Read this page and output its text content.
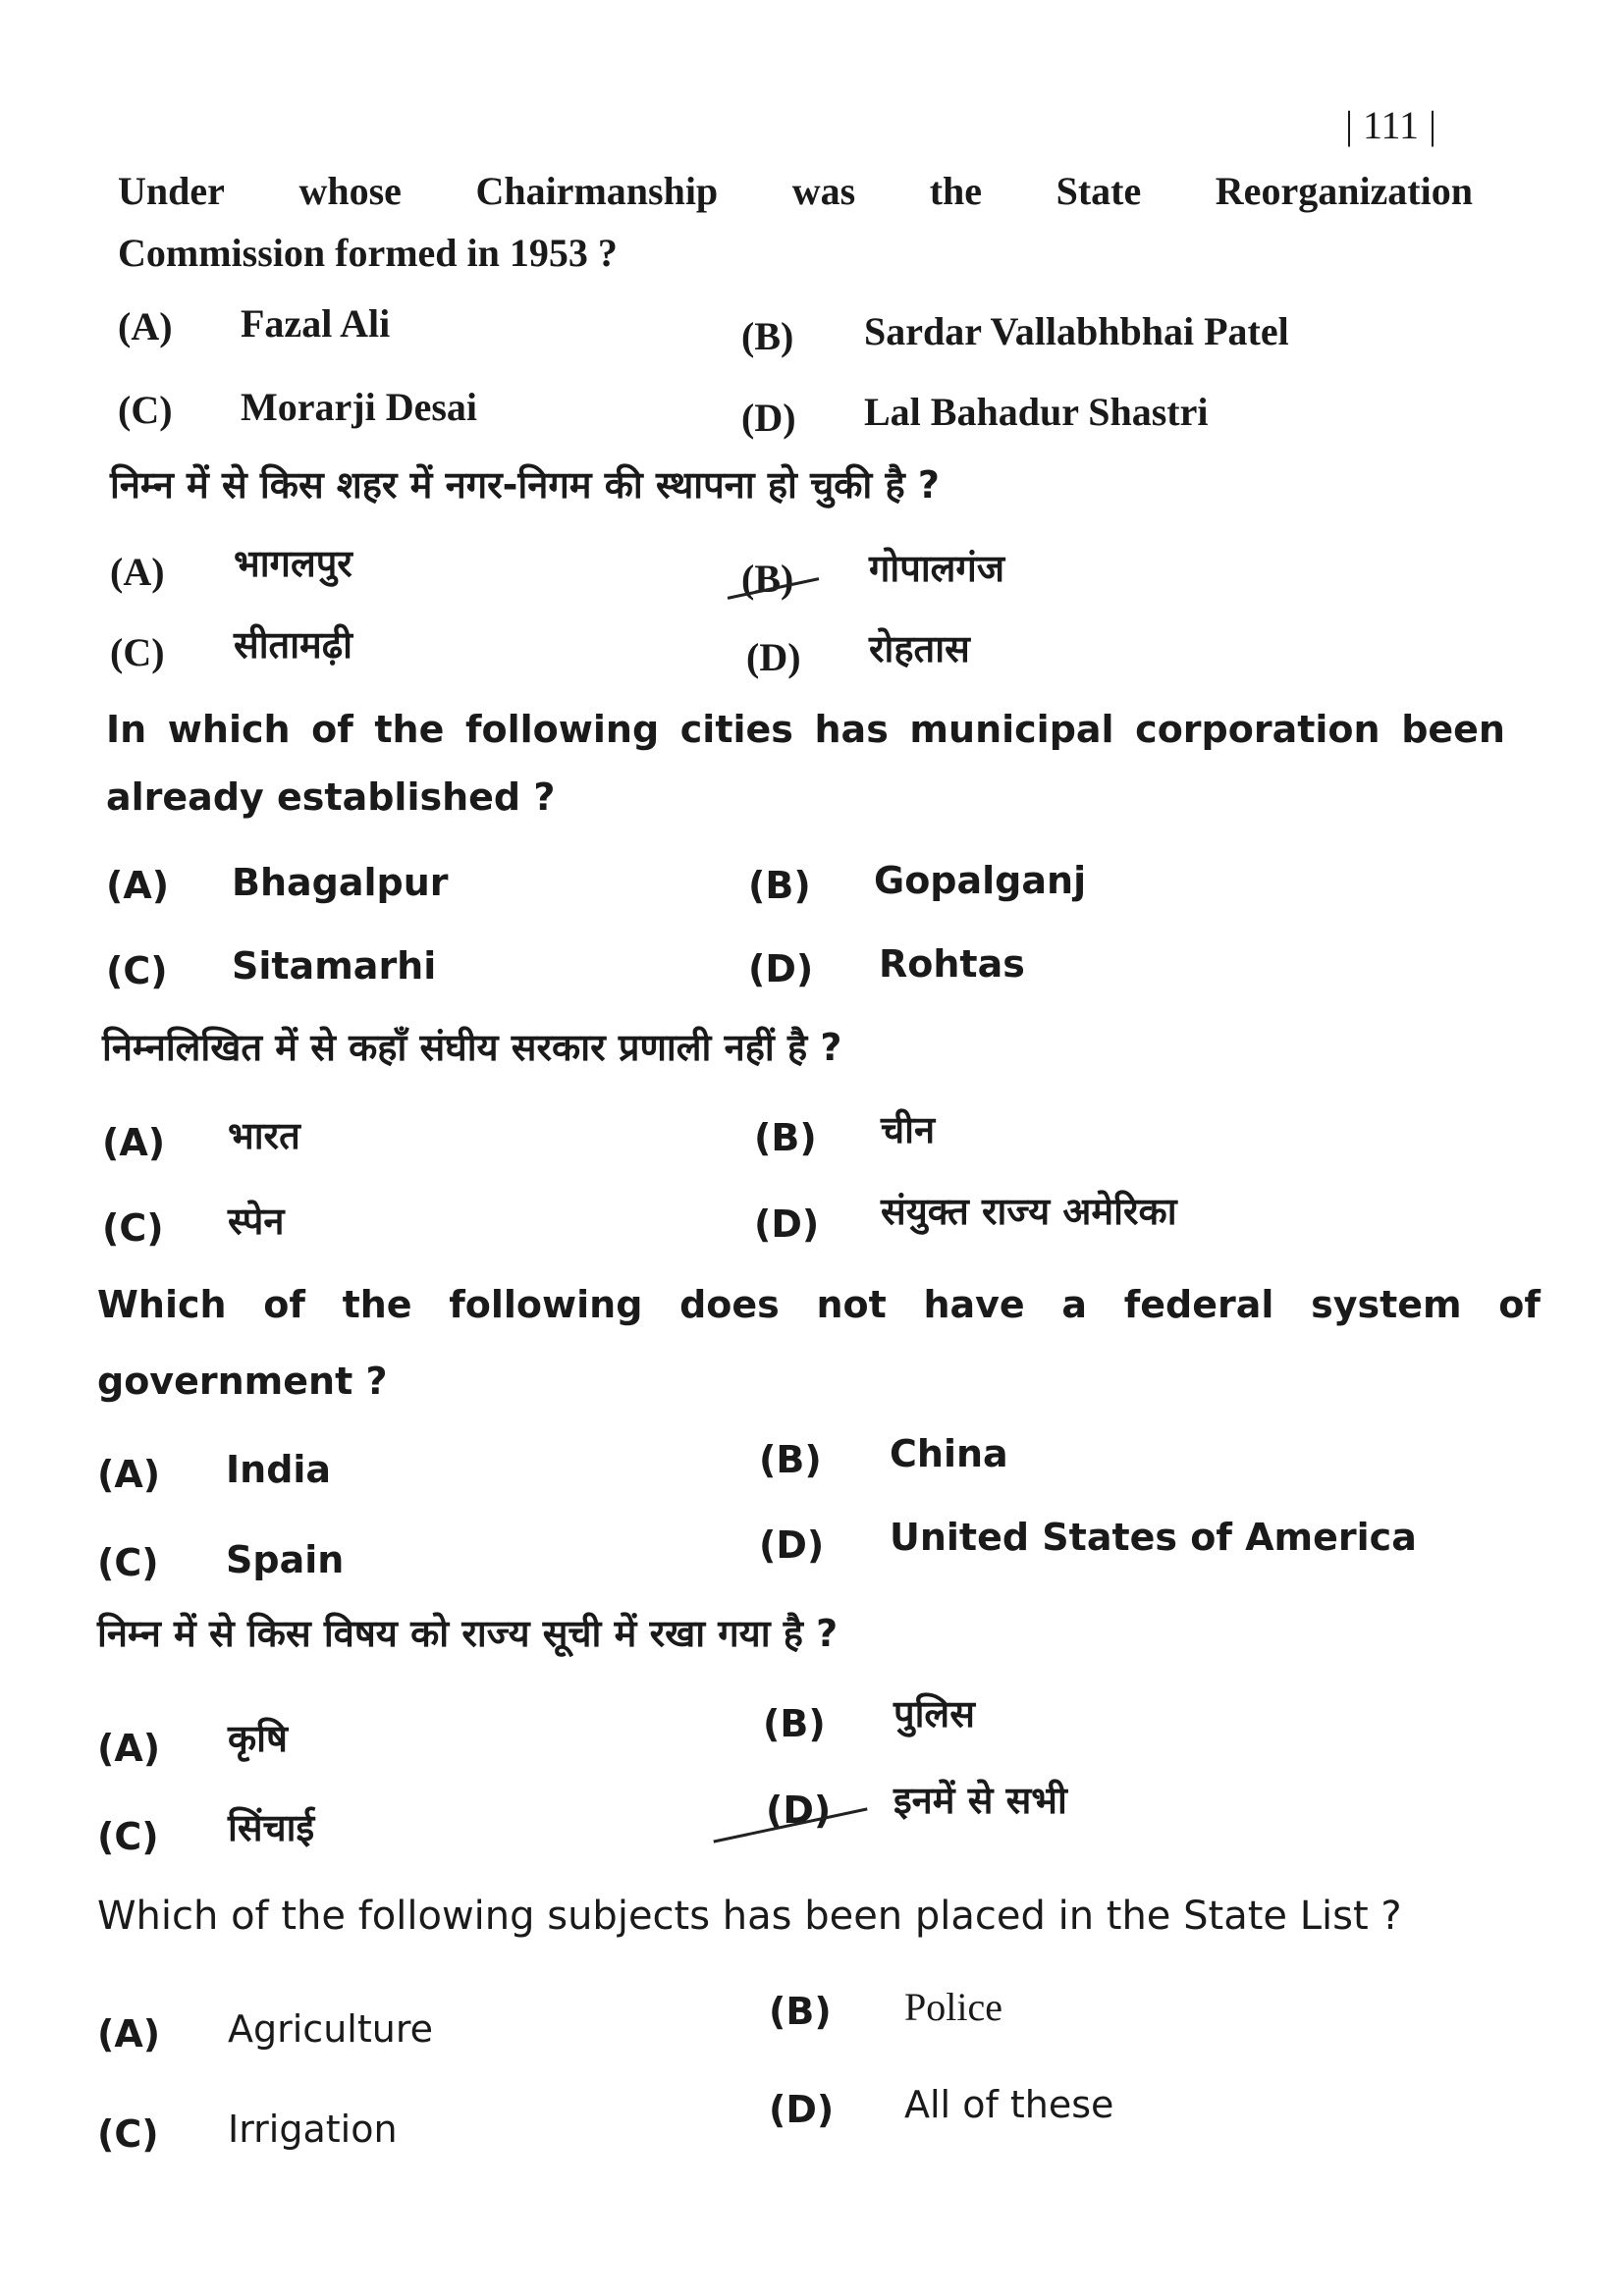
| 111 |
Under whose Chairmanship was the State Reorganization
Commission formed in 1953 ?
(A) Fazal Ali	(B) Sardar Vallabhbhai Patel
(C) Morarji Desai	(D) Lal Bahadur Shastri
निम्न में से किस शहर में नगर-निगम की स्थापना हो चुकी है ?
(A) भागलपुर	(B) गोपालगंज
(C) सीतामढ़ी	(D) रोहतास
In which of the following cities has municipal corporation been
already established ?
(A) Bhagalpur	(B) Gopalganj
(C) Sitamarhi	(D) Rohtas
निम्नलिखित में से कहाँ संघीय सरकार प्रणाली नहीं है ?
(A) भारत	(B) चीन
(C) स्पेन	(D) संयुक्त राज्य अमेरिका
Which of the following does not have a federal system of
government ?
(A) India	(B) China
(C) Spain	(D) United States of America
निम्न में से किस विषय को राज्य सूची में रखा गया है ?
(A) कृषि	(B) पुलिस
(C) सिंचाई	(D) इनमें से सभी
Which of the following subjects has been placed in the State List ?
(A) Agriculture	(B) Police
(C) Irrigation	(D) All of these
